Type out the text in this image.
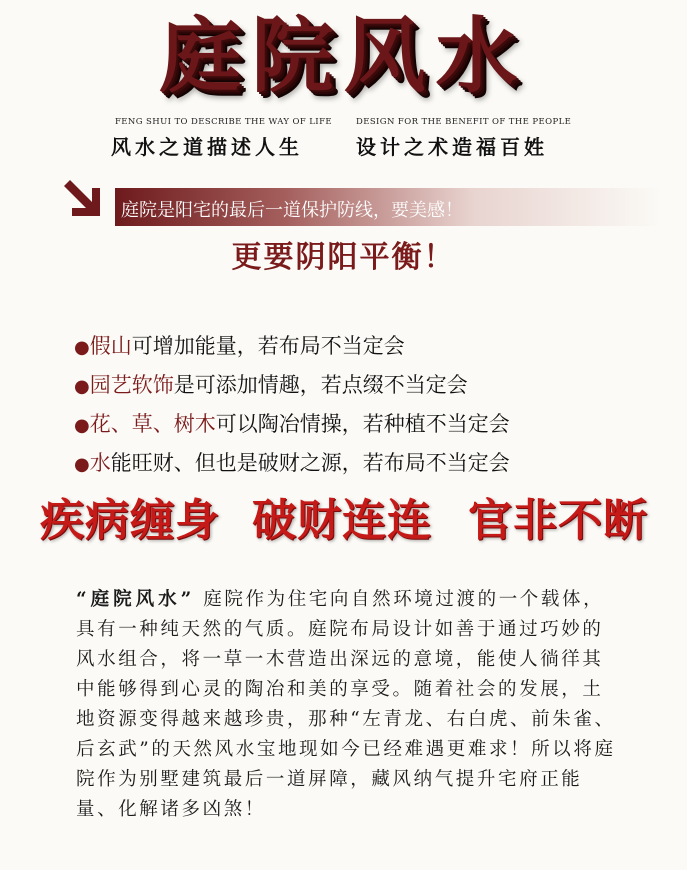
庭院风水
FENG SHUI TO DESCRIBE THE WAY OF LIFE	DESIGN FOR THE BENEFIT OF THE PEOPLE
风水之道描述人生	设计之术造福百姓
庭院是阳宅的最后一道保护防线，要美感！
更要阴阳平衡！
●假山可增加能量，若布局不当定会
●园艺软饰是可添加情趣，若点缀不当定会
●花、草、树木可以陶冶情操，若种植不当定会
●水能旺财、但也是破财之源，若布局不当定会
疾病缠身 破财连连 官非不断
“庭院风水” 庭院作为住宅向自然环境过渡的一个载体，具有一种纯天然的气质。庭院布局设计如善于通过巧妙的风水组合，将一草一木营造出深远的意境，能使人徜徉其中能够得到心灵的陶冶和美的享受。随着社会的发展，土地资源变得越来越珍贵，那种“左青龙、右白虎、前朱雀、后玄武”的天然风水宝地现如今已经难遇更难求！所以将庭院作为别墅建筑最后一道屏障，藏风纳气提升宅府正能量、化解诸多凶煞！
